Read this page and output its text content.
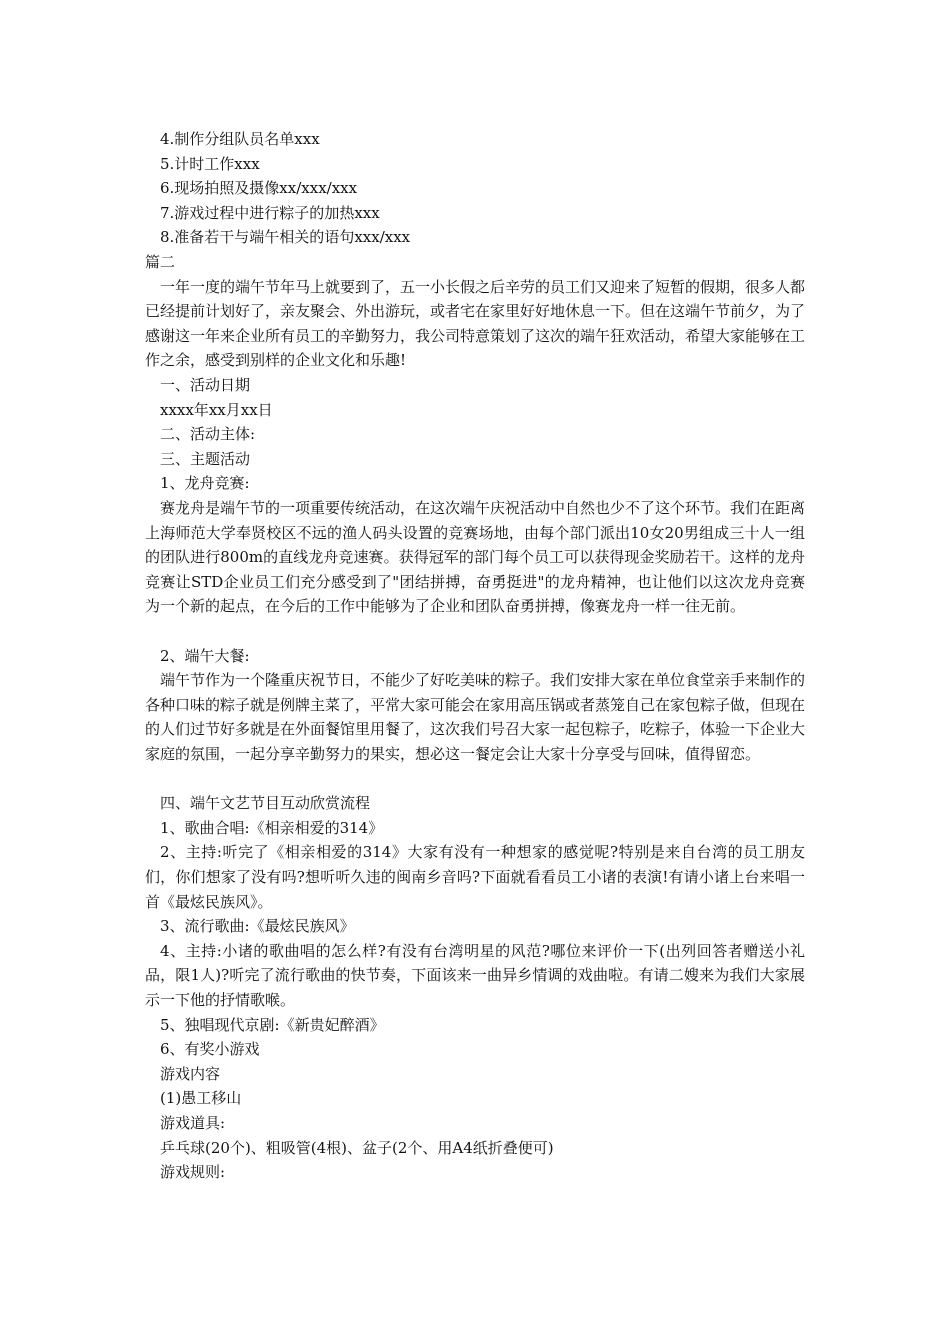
4.制作分组队员名单xxx
5.计时工作xxx
6.现场拍照及摄像xx/xxx/xxx
7.游戏过程中进行粽子的加热xxx
8.准备若干与端午相关的语句xxx/xxx
篇二
一年一度的端午节年马上就要到了，五一小长假之后辛劳的员工们又迎来了短暂的假期，很多人都已经提前计划好了，亲友聚会、外出游玩，或者宅在家里好好地休息一下。但在这端午节前夕，为了感谢这一年来企业所有员工的辛勤努力，我公司特意策划了这次的端午狂欢活动，希望大家能够在工作之余，感受到别样的企业文化和乐趣!
一、活动日期
xxxx年xx月xx日
二、活动主体:
三、主题活动
1、龙舟竞赛:
赛龙舟是端午节的一项重要传统活动，在这次端午庆祝活动中自然也少不了这个环节。我们在距离上海师范大学奉贤校区不远的渔人码头设置的竞赛场地，由每个部门派出10女20男组成三十人一组的团队进行800m的直线龙舟竞速赛。获得冠军的部门每个员工可以获得现金奖励若干。这样的龙舟竞赛让STD企业员工们充分感受到了"团结拼搏，奋勇挺进"的龙舟精神，也让他们以这次龙舟竞赛为一个新的起点，在今后的工作中能够为了企业和团队奋勇拼搏，像赛龙舟一样一往无前。
2、端午大餐:
端午节作为一个隆重庆祝节日，不能少了好吃美味的粽子。我们安排大家在单位食堂亲手来制作的各种口味的粽子就是例牌主菜了，平常大家可能会在家用高压锅或者蒸笼自己在家包粽子做，但现在的人们过节好多就是在外面餐馆里用餐了，这次我们号召大家一起包粽子，吃粽子，体验一下企业大家庭的氛围，一起分享辛勤努力的果实，想必这一餐定会让大家十分享受与回味，值得留恋。
四、端午文艺节目互动欣赏流程
1、歌曲合唱:《相亲相爱的314》
2、主持:听完了《相亲相爱的314》大家有没有一种想家的感觉呢?特别是来自台湾的员工朋友们，你们想家了没有吗?想听听久违的闽南乡音吗?下面就看看员工小诸的表演!有请小诸上台来唱一首《最炫民族风》。
3、流行歌曲:《最炫民族风》
4、主持:小诸的歌曲唱的怎么样?有没有台湾明星的风范?哪位来评价一下(出列回答者赠送小礼品，限1人)?听完了流行歌曲的快节奏，下面该来一曲异乡情调的戏曲啦。有请二嫂来为我们大家展示一下他的抒情歌喉。
5、独唱现代京剧:《新贵妃醉酒》
6、有奖小游戏
游戏内容
(1)愚工移山
游戏道具:
乒乓球(20个)、粗吸管(4根)、盆子(2个、用A4纸折叠便可)
游戏规则:
